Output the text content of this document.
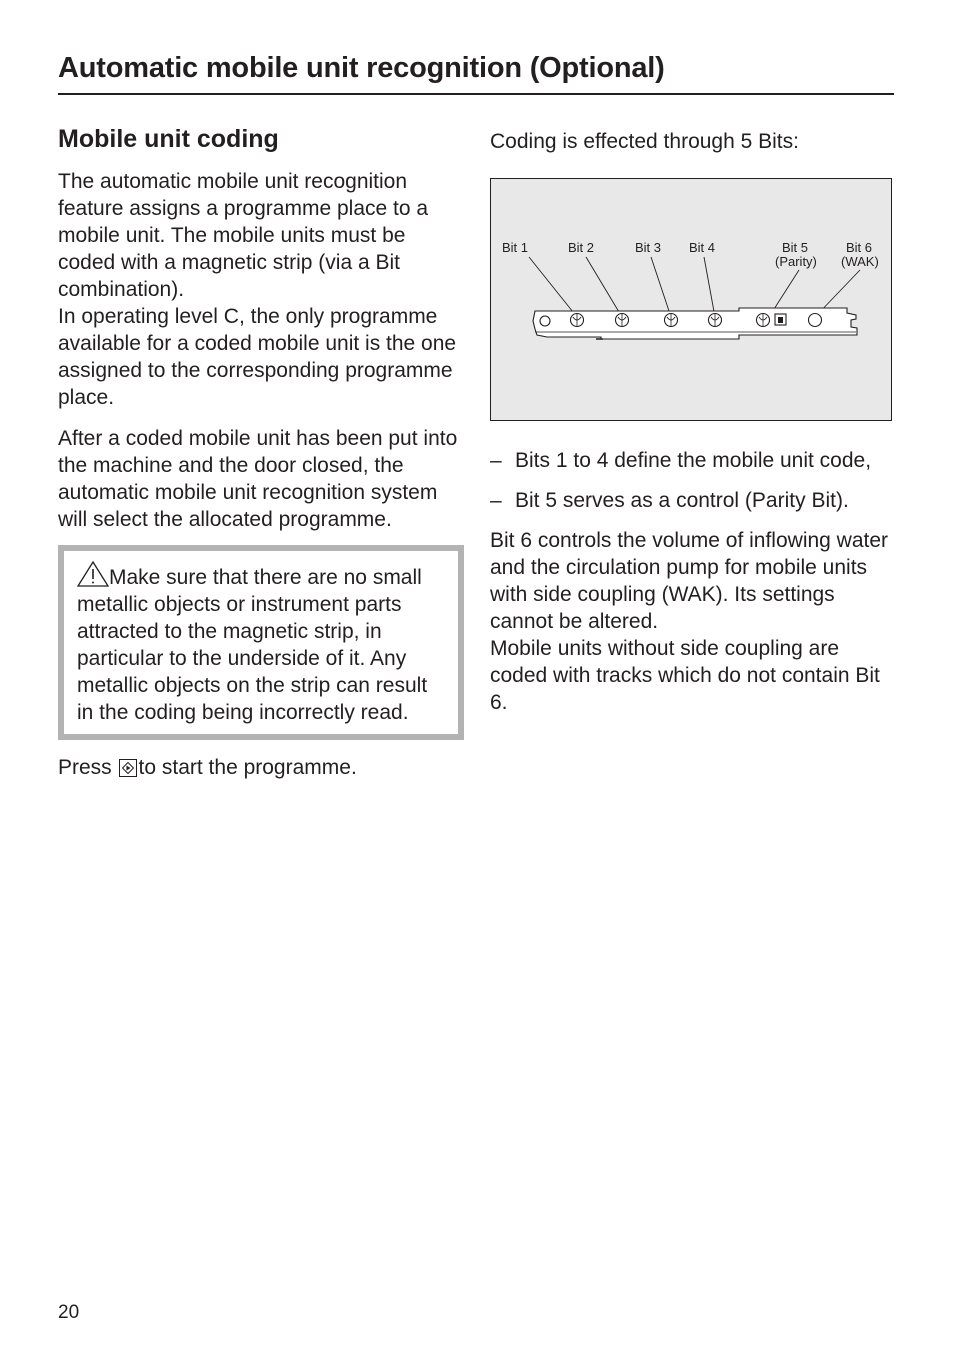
Automatic mobile unit recognition (Optional)
Mobile unit coding

The automatic mobile unit recognition feature assigns a programme place to a mobile unit. The mobile units must be coded with a magnetic strip (via a Bit combination).

In operating level C, the only programme available for a coded mobile unit is the one assigned to the corresponding programme place.

After a coded mobile unit has been put into the machine and the door closed, the automatic mobile unit recognition system will select the allocated programme.

Make sure that there are no small metallic objects or instrument parts attracted to the magnetic strip, in particular to the underside of it. Any metallic objects on the strip can result in the coding being incorrectly read.

Press to start the programme.

Coding is effected through 5 Bits:

Bit 1	Bit 2	Bit 3 Bit 4	Bit 5
(Parity)
Bit 6
(WAK)
– Bits 1 to 4 define the mobile unit code,
– Bit 5 serves as a control (Parity Bit).

Bit 6 controls the volume of inflowing water and the circulation pump for mobile units with side coupling (WAK). Its settings cannot be altered.

Mobile units without side coupling are coded with tracks which do not contain Bit 6.

20
